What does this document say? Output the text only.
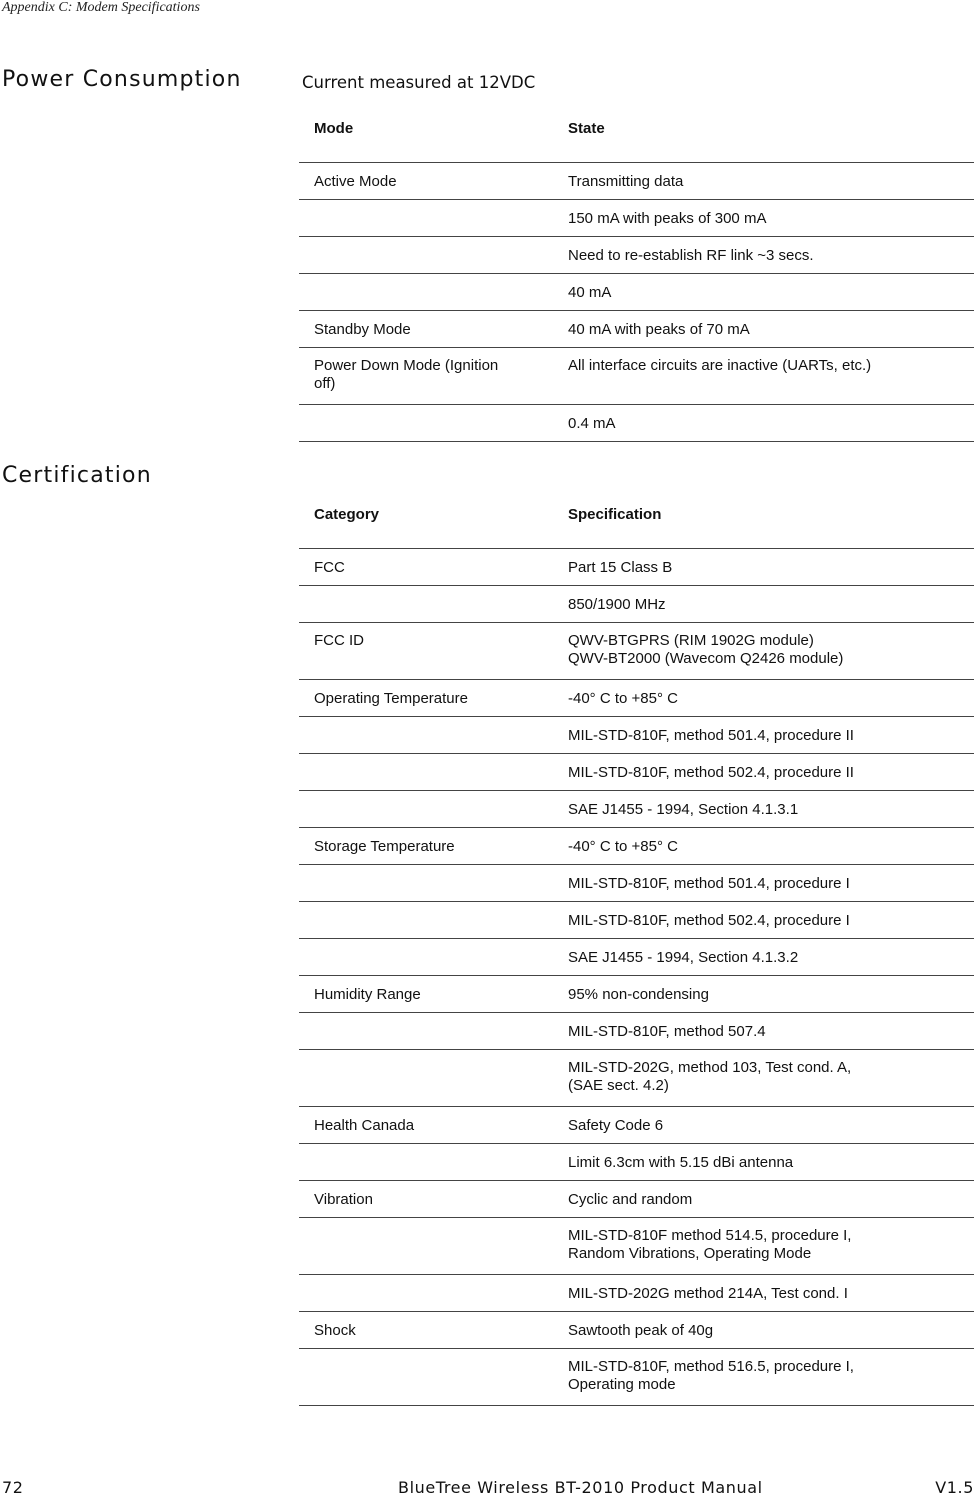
Appendix C: Modem Specifications
Power Consumption	Current measured at 12VDC
Mode	State

Active Mode	Transmitting data

	150 mA with peaks of 300 mA

	Need to re-establish RF link ~3 secs.

	40 mA

Standby Mode	40 mA with peaks of 70 mA

Power Down Mode (Ignition
off)	All interface circuits are inactive (UARTs, etc.)

	0.4 mA
Certification
Category	Specification

FCC	Part 15 Class B

	850/1900 MHz

FCC ID	QWV-BTGPRS (RIM 1902G module)
QWV-BT2000 (Wavecom Q2426 module)

Operating Temperature	-40° C to +85° C

	MIL-STD-810F, method 501.4, procedure II

	MIL-STD-810F, method 502.4, procedure II

	SAE J1455 - 1994, Section 4.1.3.1

Storage Temperature	-40° C to +85° C

	MIL-STD-810F, method 501.4, procedure I

	MIL-STD-810F, method 502.4, procedure I

	SAE J1455 - 1994, Section 4.1.3.2

Humidity Range	95% non-condensing

	MIL-STD-810F, method 507.4

	MIL-STD-202G, method 103, Test cond. A,
(SAE sect. 4.2)

Health Canada	Safety Code 6

	Limit 6.3cm with 5.15 dBi antenna

Vibration	Cyclic and random

	MIL-STD-810F method 514.5, procedure I,
Random Vibrations, Operating Mode

	MIL-STD-202G method 214A, Test cond. I

Shock	Sawtooth peak of 40g

	MIL-STD-810F, method 516.5, procedure I,
Operating mode
72	BlueTree Wireless BT-2010 Product Manual	V1.5
